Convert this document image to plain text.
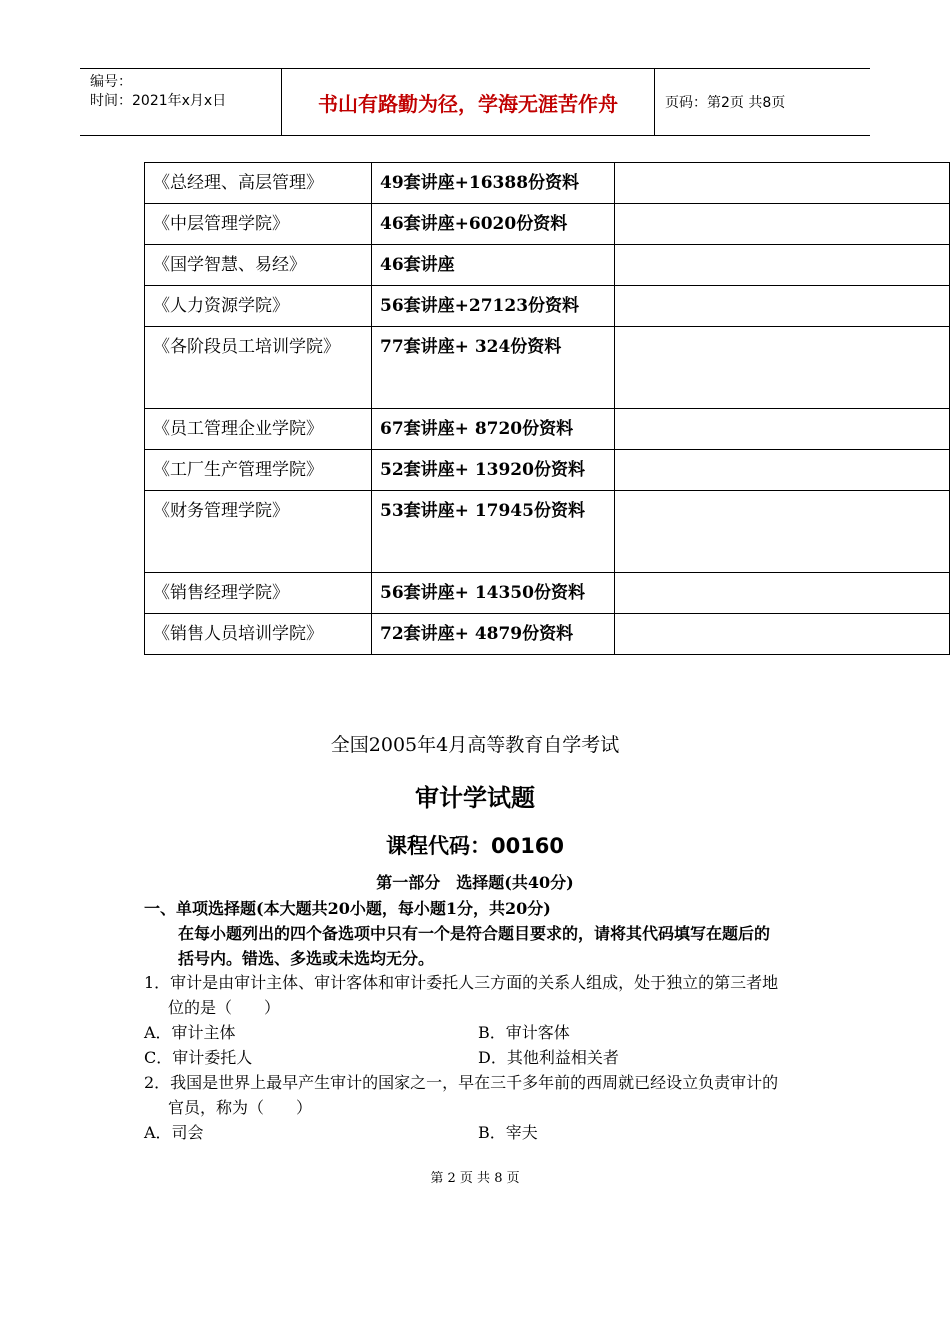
编号：
时间：2021年x月x日	书山有路勤为径，学海无涯苦作舟	页码：第2页 共8页
《总经理、高层管理》	49套讲座+16388份资料	
《中层管理学院》	46套讲座+6020份资料	
《国学智慧、易经》	46套讲座	
《人力资源学院》	56套讲座+27123份资料	
《各阶段员工培训学院》	77套讲座+ 324份资料	
《员工管理企业学院》	67套讲座+ 8720份资料	
《工厂生产管理学院》	52套讲座+ 13920份资料	
《财务管理学院》	53套讲座+ 17945份资料	
《销售经理学院》	56套讲座+ 14350份资料	
《销售人员培训学院》	72套讲座+ 4879份资料	
全国2005年4月高等教育自学考试
审计学试题
课程代码：00160
第一部分　选择题(共40分)
一、单项选择题(本大题共20小题，每小题1分，共20分)
在每小题列出的四个备选项中只有一个是符合题目要求的，请将其代码填写在题后的
括号内。错选、多选或未选均无分。
1．审计是由审计主体、审计客体和审计委托人三方面的关系人组成，处于独立的第三者地
位的是（　　）
A．审计主体	B．审计客体
C．审计委托人	D．其他利益相关者
2．我国是世界上最早产生审计的国家之一，早在三千多年前的西周就已经设立负责审计的
官员，称为（　　）
A．司会	B．宰夫
第 2 页 共 8 页
